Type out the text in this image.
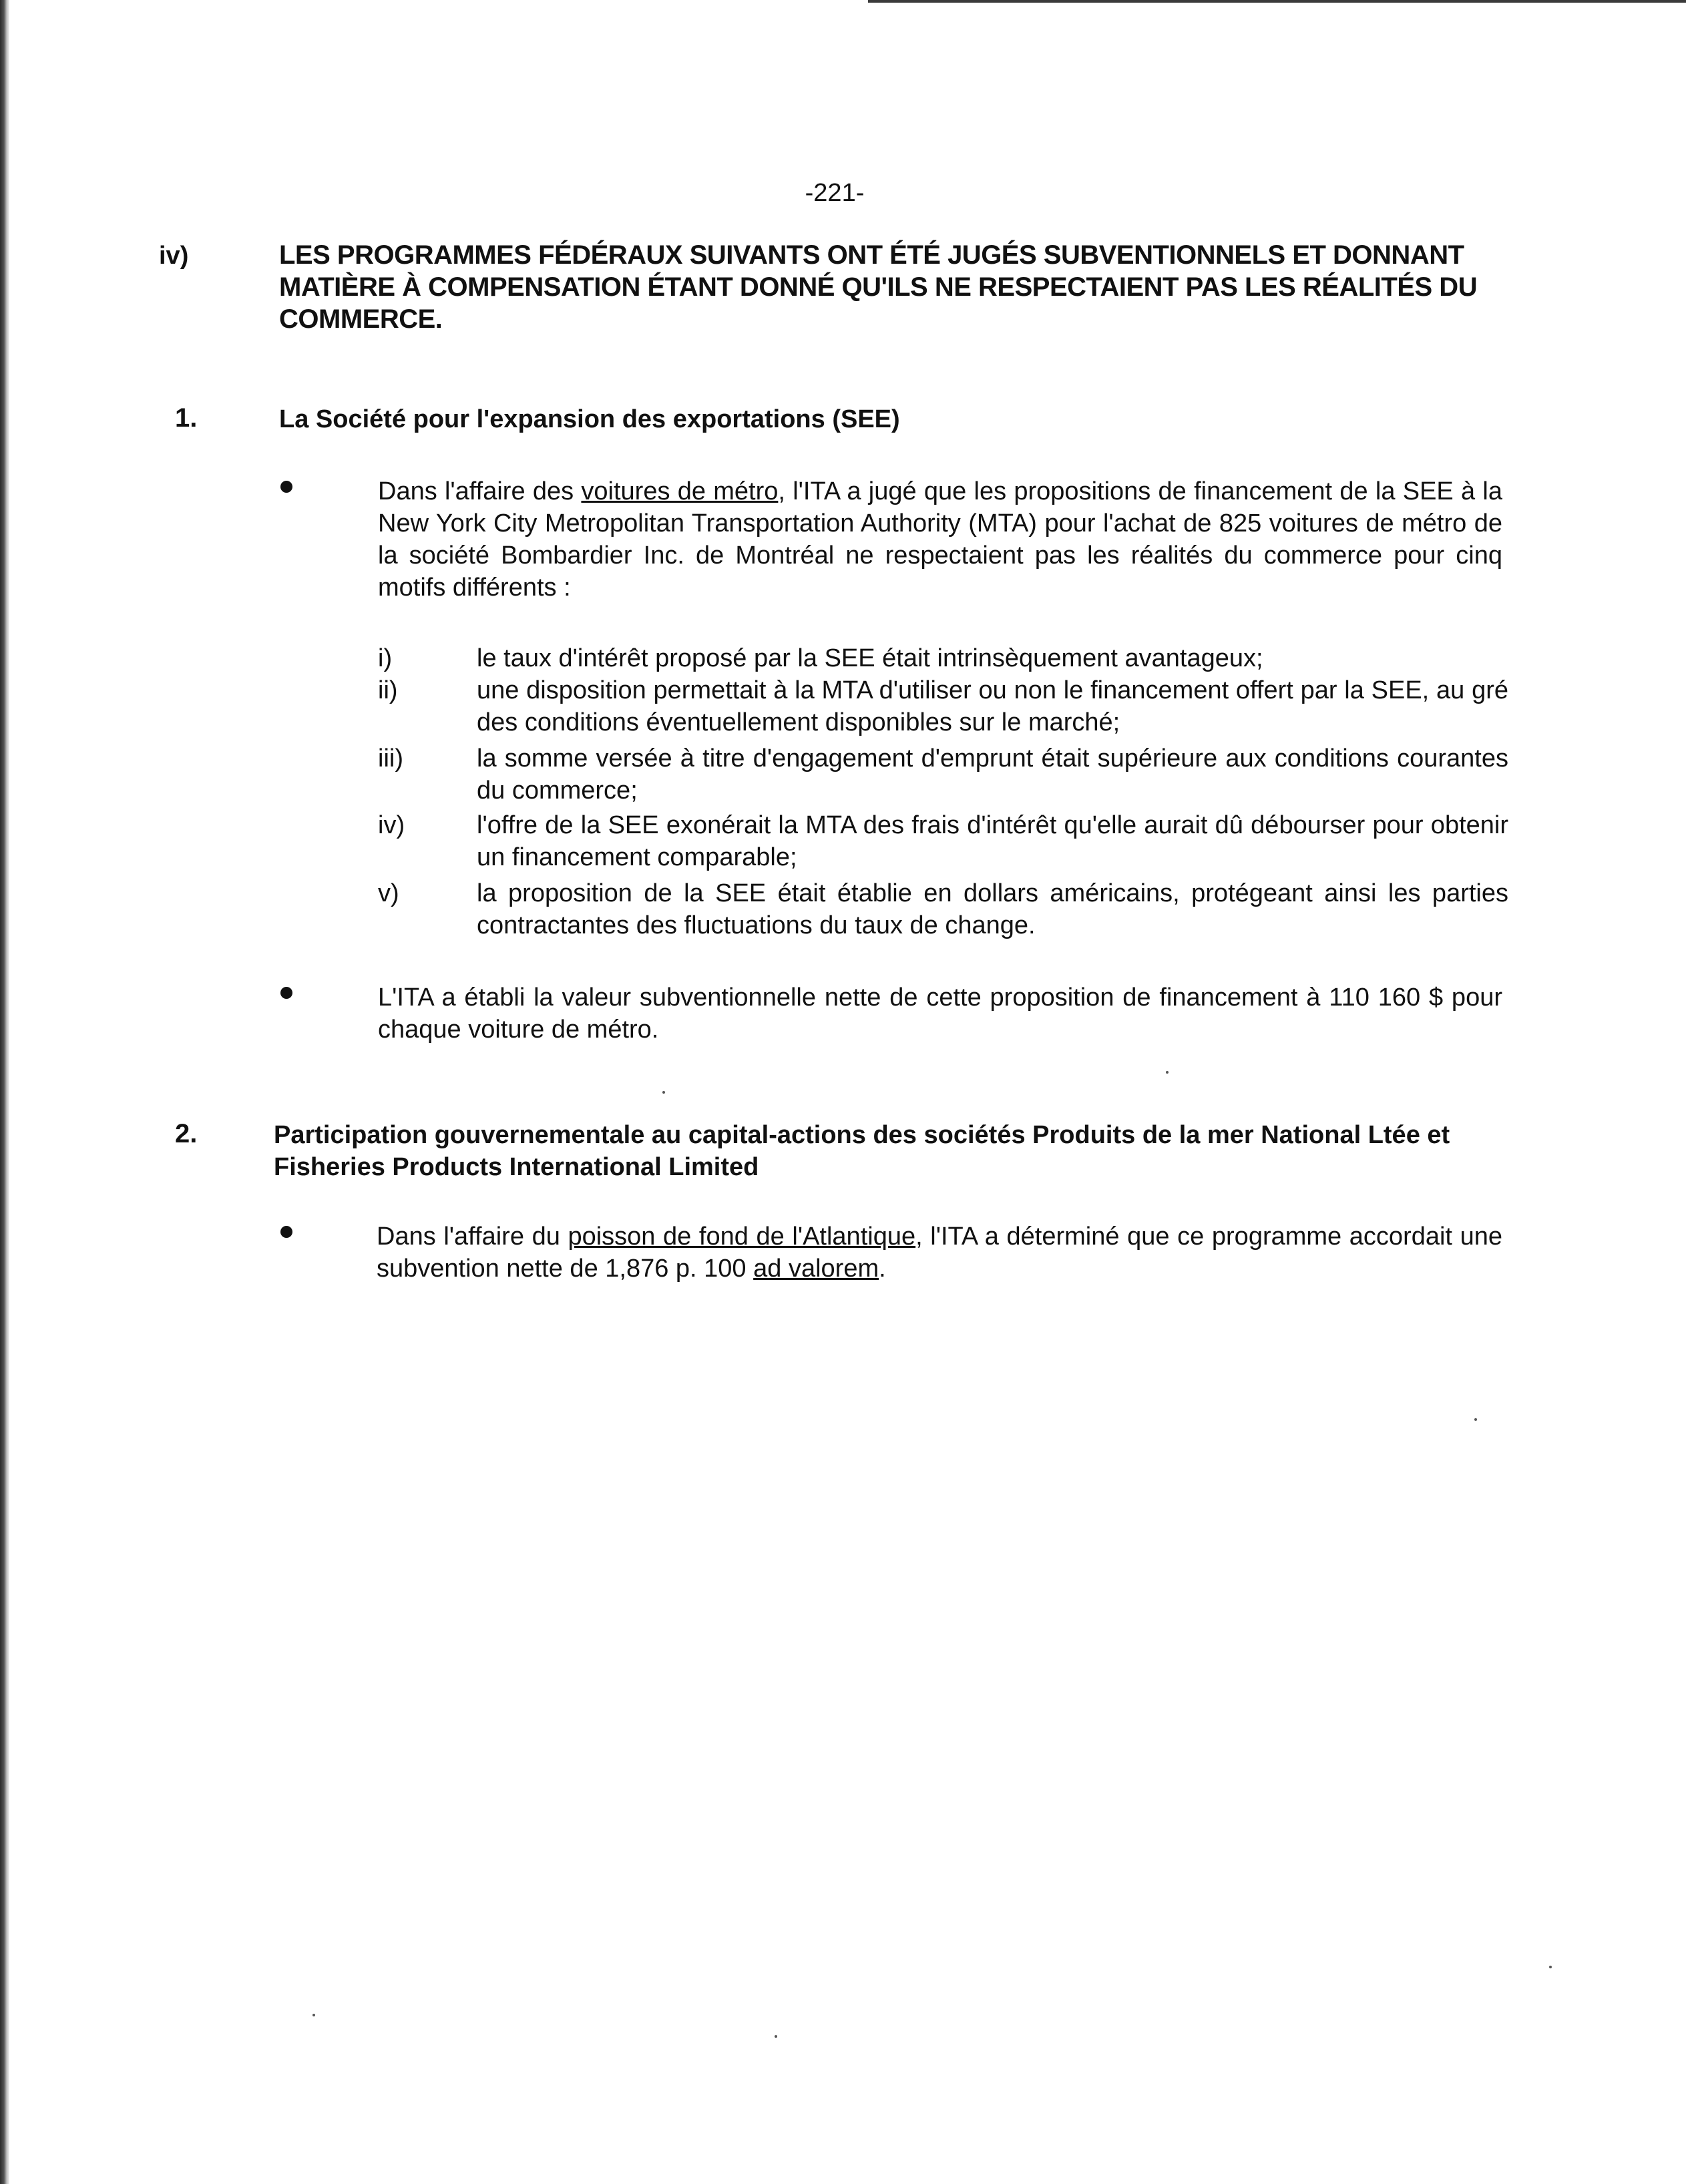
-221-
iv)	LES PROGRAMMES FÉDÉRAUX SUIVANTS ONT ÉTÉ JUGÉS SUBVENTIONNELS ET DONNANT MATIÈRE À COMPENSATION ÉTANT DONNÉ QU'ILS NE RESPECTAIENT PAS LES RÉALITÉS DU COMMERCE.
1.	La Société pour l'expansion des exportations (SEE)
Dans l'affaire des voitures de métro, l'ITA a jugé que les propositions de financement de la SEE à la New York City Metropolitan Transportation Authority (MTA) pour l'achat de 825 voitures de métro de la société Bombardier Inc. de Montréal ne respectaient pas les réalités du commerce pour cinq motifs différents :
i)	le taux d'intérêt proposé par la SEE était intrinsèquement avantageux;
ii)	une disposition permettait à la MTA d'utiliser ou non le financement offert par la SEE, au gré des conditions éventuellement disponibles sur le marché;
iii)	la somme versée à titre d'engagement d'emprunt était supérieure aux conditions courantes du commerce;
iv)	l'offre de la SEE exonérait la MTA des frais d'intérêt qu'elle aurait dû débourser pour obtenir un financement comparable;
v)	la proposition de la SEE était établie en dollars américains, protégeant ainsi les parties contractantes des fluctuations du taux de change.
L'ITA a établi la valeur subventionnelle nette de cette proposition de financement à 110 160 $ pour chaque voiture de métro.
2.	Participation gouvernementale au capital-actions des sociétés Produits de la mer National Ltée et Fisheries Products International Limited
Dans l'affaire du poisson de fond de l'Atlantique, l'ITA a déterminé que ce programme accordait une subvention nette de 1,876 p. 100 ad valorem.
